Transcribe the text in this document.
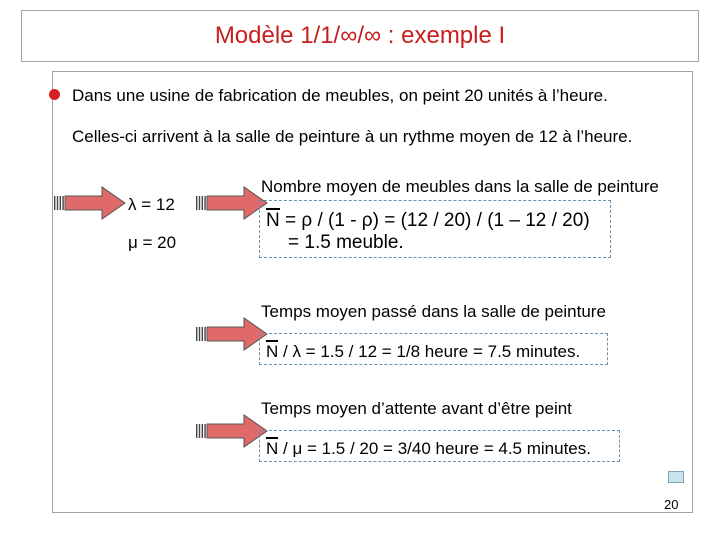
Modèle 1/1/∞/∞ : exemple I
Dans une usine de fabrication de meubles, on peint 20 unités à l’heure.
Celles-ci arrivent à la salle de peinture à un rythme moyen de 12 à l’heure.
λ = 12
μ = 20
Nombre moyen de meubles dans la salle de peinture
N = ρ / (1 - ρ) = (12 / 20) / (1 – 12 / 20)
= 1.5 meuble.
Temps moyen passé dans la salle de peinture
N / λ = 1.5 / 12 = 1/8 heure = 7.5 minutes.
Temps moyen d’attente avant d’être peint
N / μ = 1.5 / 20 = 3/40 heure = 4.5 minutes.
20
